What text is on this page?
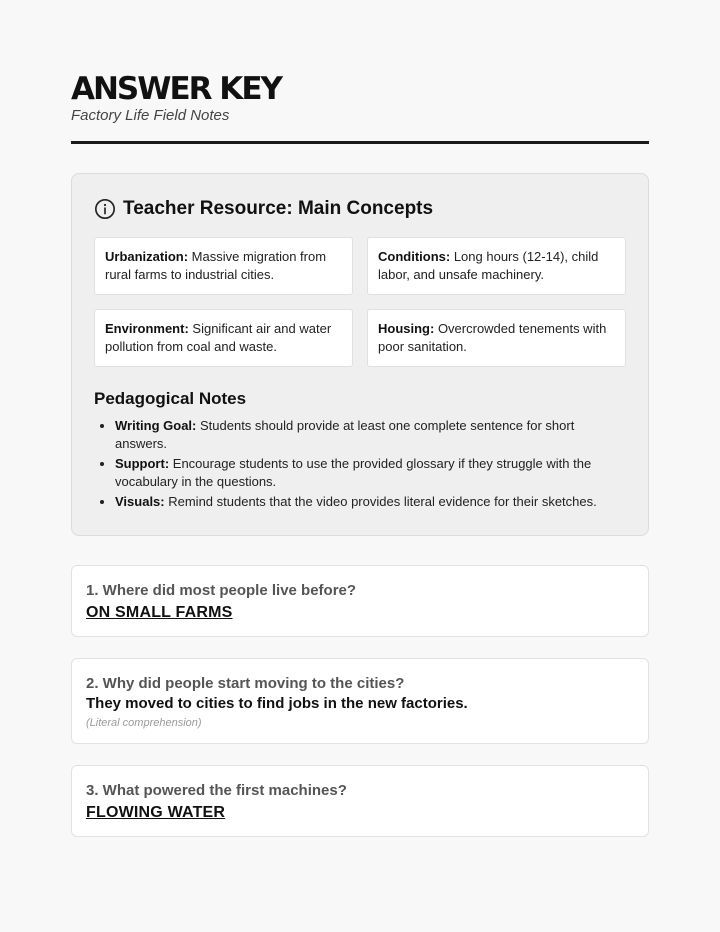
ANSWER KEY
Factory Life Field Notes
Teacher Resource: Main Concepts
Urbanization: Massive migration from rural farms to industrial cities.
Conditions: Long hours (12-14), child labor, and unsafe machinery.
Environment: Significant air and water pollution from coal and waste.
Housing: Overcrowded tenements with poor sanitation.
Pedagogical Notes
• Writing Goal: Students should provide at least one complete sentence for short answers.
• Support: Encourage students to use the provided glossary if they struggle with the vocabulary in the questions.
• Visuals: Remind students that the video provides literal evidence for their sketches.
1. Where did most people live before?
ON SMALL FARMS
2. Why did people start moving to the cities?
They moved to cities to find jobs in the new factories.
(Literal comprehension)
3. What powered the first machines?
FLOWING WATER
